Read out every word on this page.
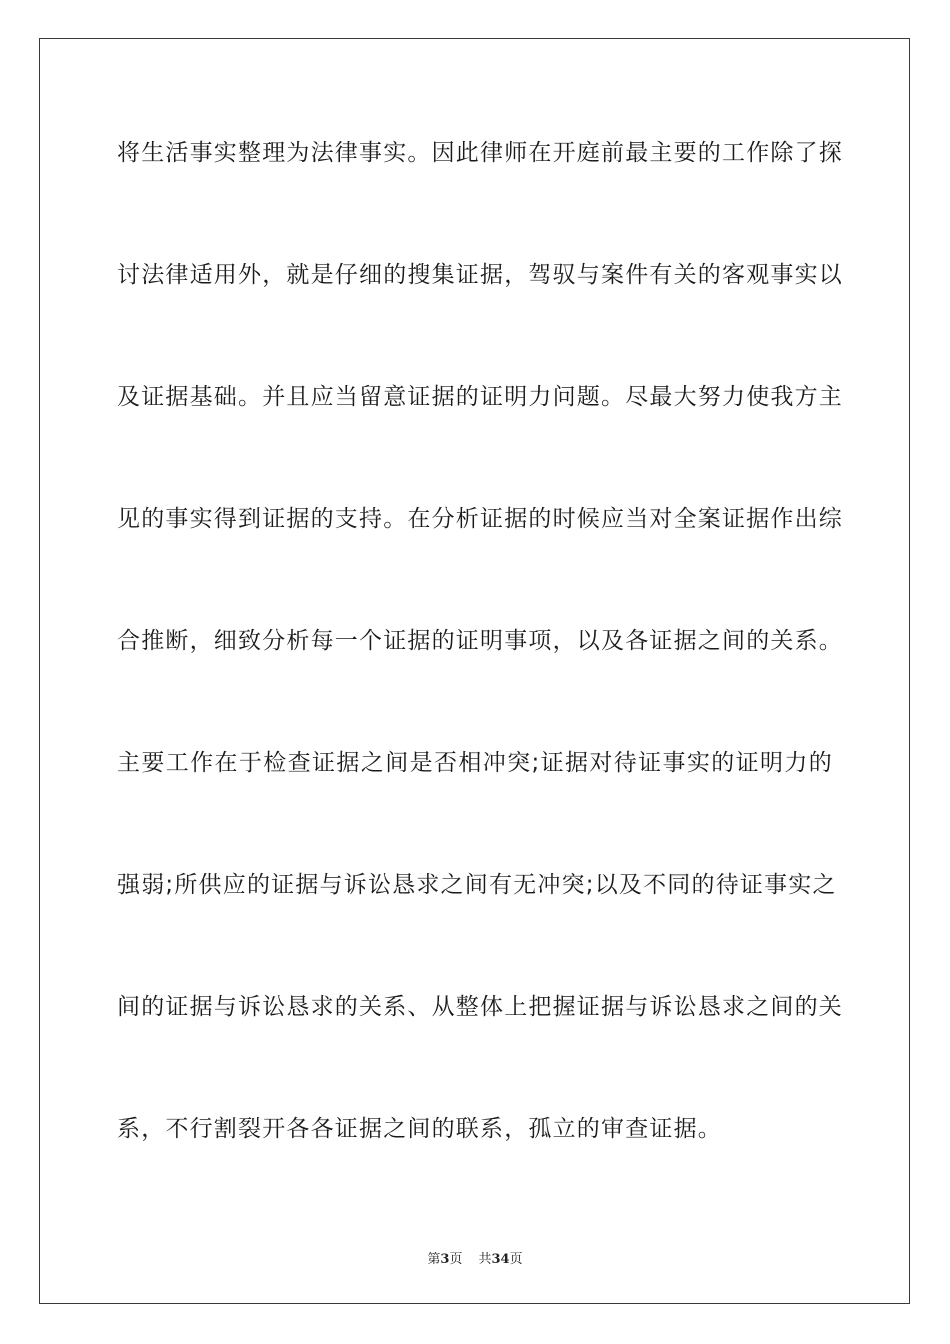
将生活事实整理为法律事实。因此律师在开庭前最主要的工作除了探
讨法律适用外，就是仔细的搜集证据，驾驭与案件有关的客观事实以
及证据基础。并且应当留意证据的证明力问题。尽最大努力使我方主
见的事实得到证据的支持。在分析证据的时候应当对全案证据作出综
合推断，细致分析每一个证据的证明事项，以及各证据之间的关系。
主要工作在于检查证据之间是否相冲突;证据对待证事实的证明力的
强弱;所供应的证据与诉讼恳求之间有无冲突;以及不同的待证事实之
间的证据与诉讼恳求的关系、从整体上把握证据与诉讼恳求之间的关
系，不行割裂开各各证据之间的联系，孤立的审查证据。
第3页 共34页
